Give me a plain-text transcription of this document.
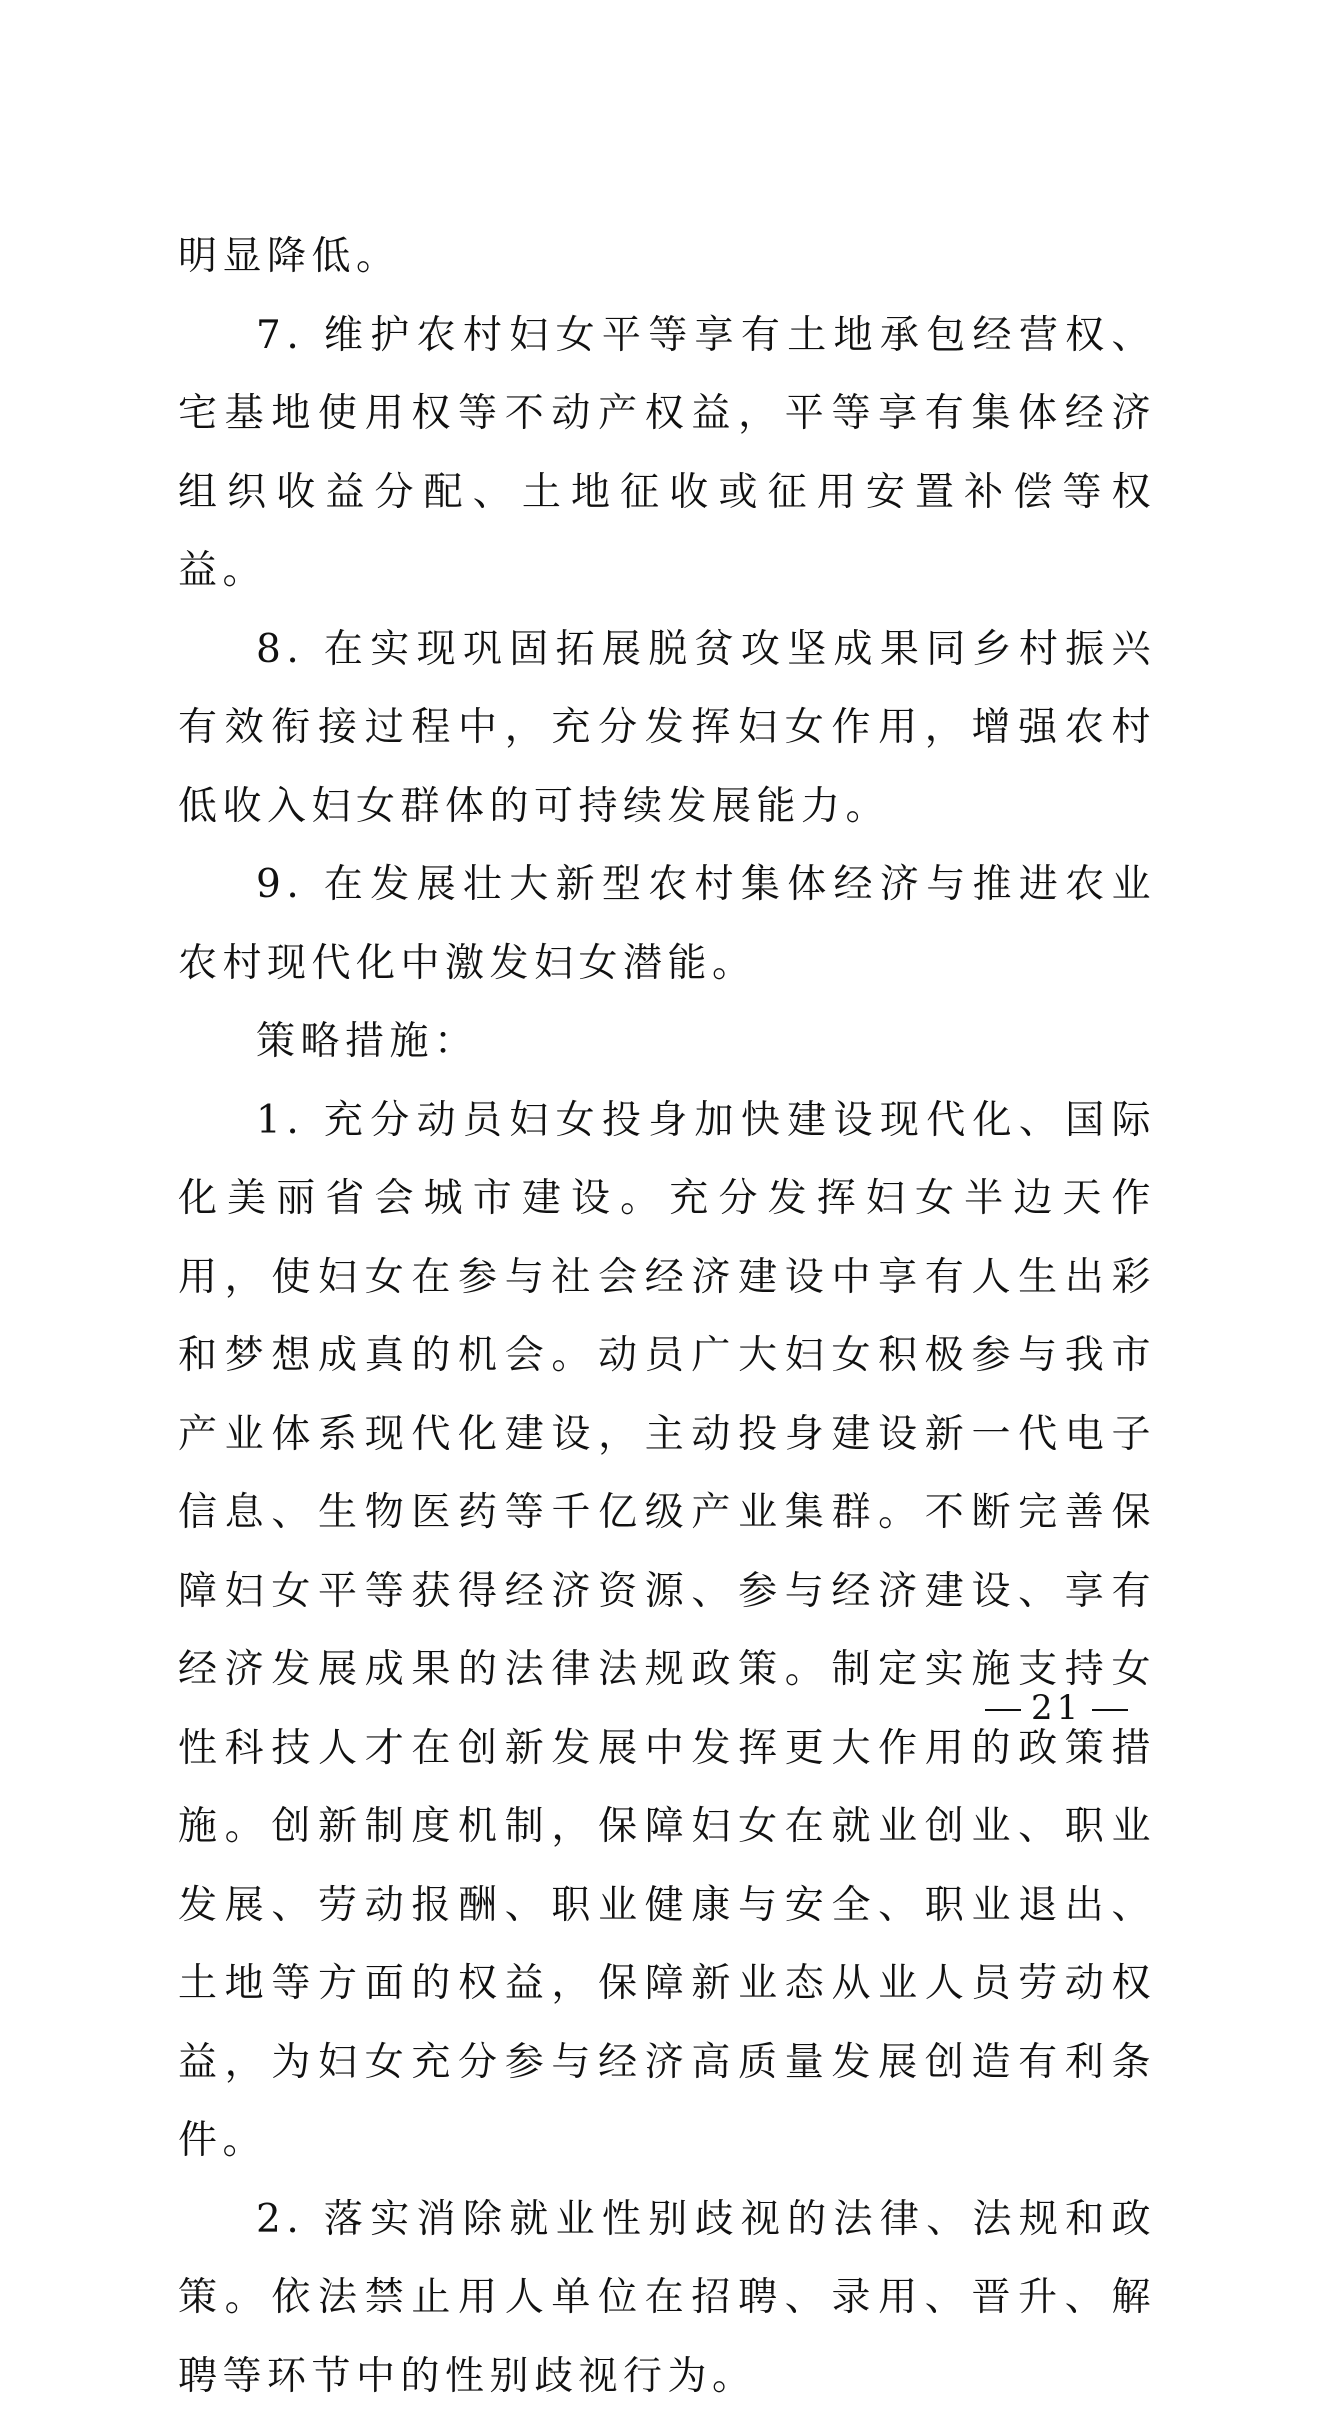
明显降低。

7. 维护农村妇女平等享有土地承包经营权、宅基地使用权等不动产权益，平等享有集体经济组织收益分配、土地征收或征用安置补偿等权益。

8. 在实现巩固拓展脱贫攻坚成果同乡村振兴有效衔接过程中，充分发挥妇女作用，增强农村低收入妇女群体的可持续发展能力。

9. 在发展壮大新型农村集体经济与推进农业农村现代化中激发妇女潜能。

策略措施：

1. 充分动员妇女投身加快建设现代化、国际化美丽省会城市建设。充分发挥妇女半边天作用，使妇女在参与社会经济建设中享有人生出彩和梦想成真的机会。动员广大妇女积极参与我市产业体系现代化建设，主动投身建设新一代电子信息、生物医药等千亿级产业集群。不断完善保障妇女平等获得经济资源、参与经济建设、享有经济发展成果的法律法规政策。制定实施支持女性科技人才在创新发展中发挥更大作用的政策措施。创新制度机制，保障妇女在就业创业、职业发展、劳动报酬、职业健康与安全、职业退出、土地等方面的权益，保障新业态从业人员劳动权益，为妇女充分参与经济高质量发展创造有利条件。

2. 落实消除就业性别歧视的法律、法规和政策。依法禁止用人单位在招聘、录用、晋升、解聘等环节中的性别歧视行为。

21
